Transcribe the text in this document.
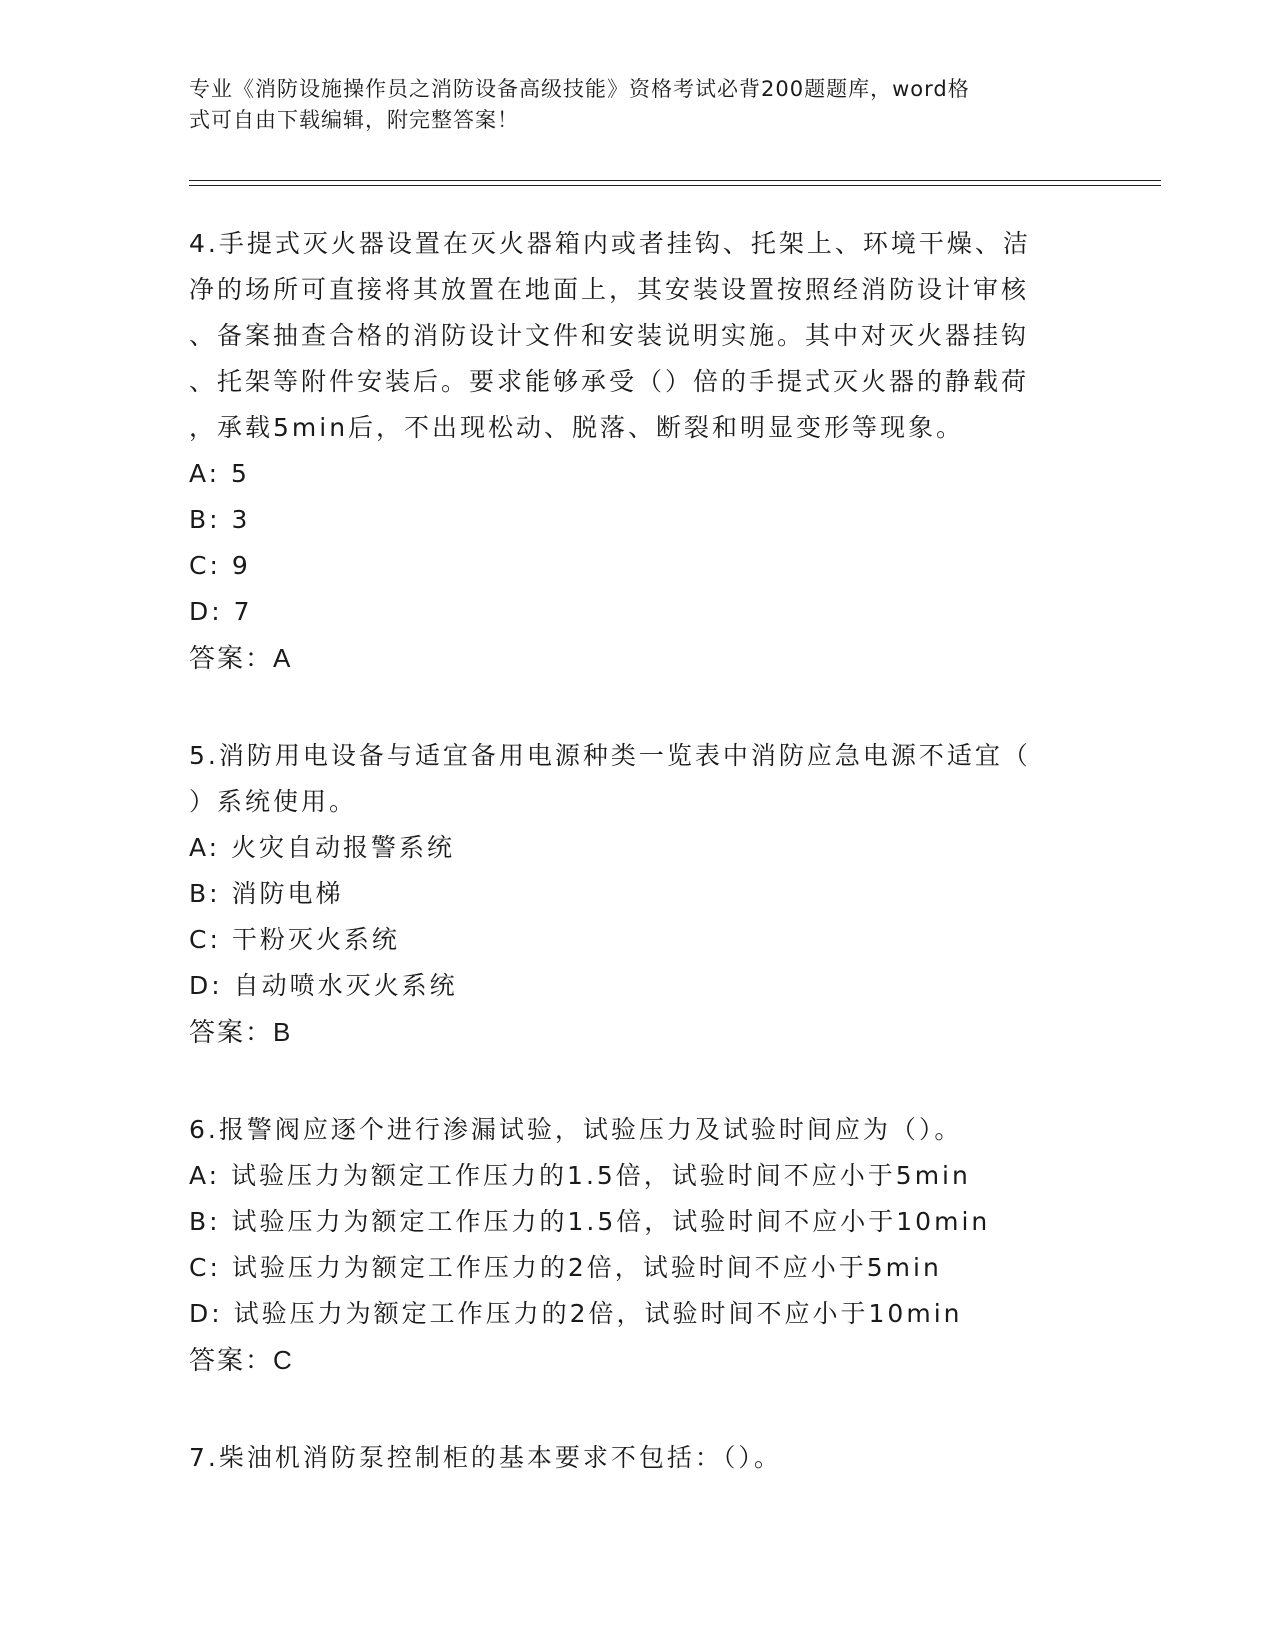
专业《消防设施操作员之消防设备高级技能》资格考试必背200题题库，word格
式可自由下载编辑，附完整答案！

4.手提式灭火器设置在灭火器箱内或者挂钩、托架上、环境干燥、洁

净的场所可直接将其放置在地面上，其安装设置按照经消防设计审核

、备案抽查合格的消防设计文件和安装说明实施。其中对灭火器挂钩

、托架等附件安装后。要求能够承受（）倍的手提式灭火器的静载荷

，承载5min后，不出现松动、脱落、断裂和明显变形等现象。

A: 5

B: 3

C: 9

D: 7

答案：A

5.消防用电设备与适宜备用电源种类一览表中消防应急电源不适宜（

）系统使用。

A: 火灾自动报警系统

B: 消防电梯

C: 干粉灭火系统

D: 自动喷水灭火系统

答案：B

6.报警阀应逐个进行渗漏试验，试验压力及试验时间应为（）。

A: 试验压力为额定工作压力的1.5倍，试验时间不应小于5min

B: 试验压力为额定工作压力的1.5倍，试验时间不应小于10min

C: 试验压力为额定工作压力的2倍，试验时间不应小于5min

D: 试验压力为额定工作压力的2倍，试验时间不应小于10min

答案：C

7.柴油机消防泵控制柜的基本要求不包括：（）。
